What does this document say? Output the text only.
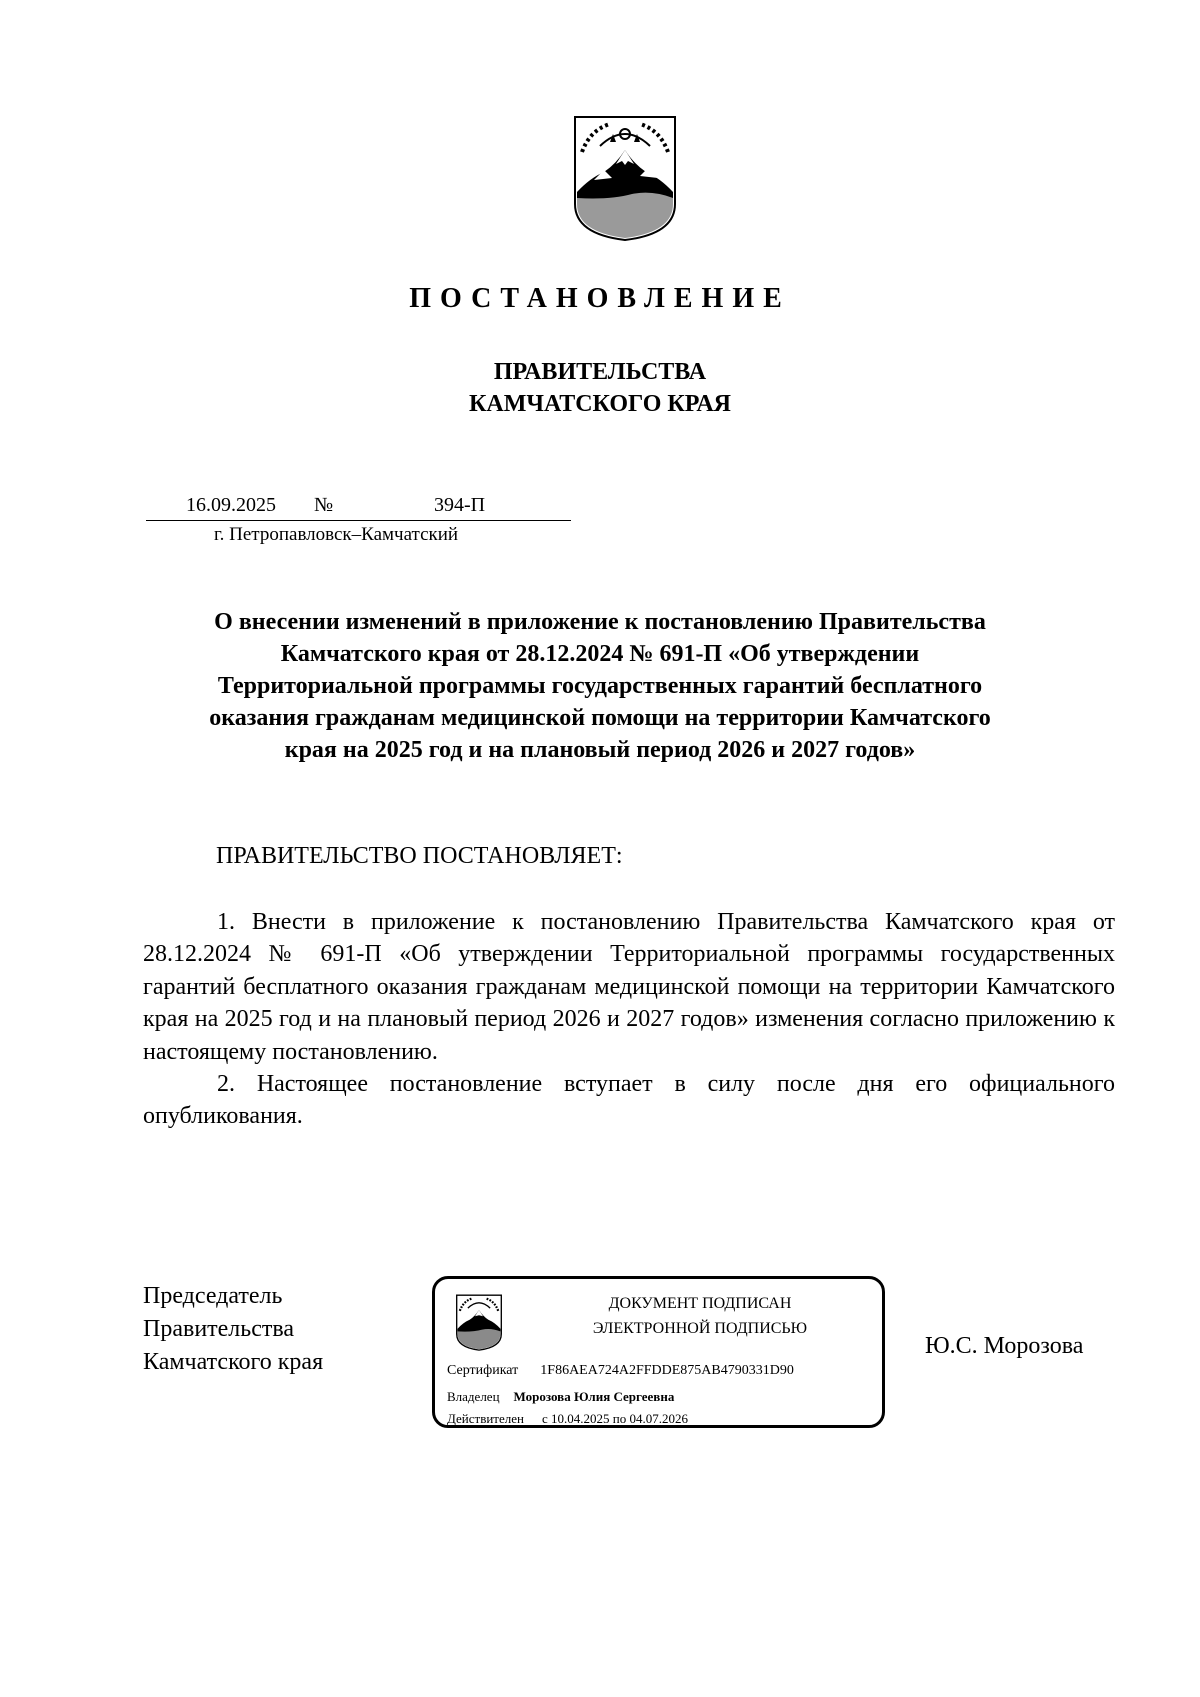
ПОСТАНОВЛЕНИЕ
ПРАВИТЕЛЬСТВА
КАМЧАТСКОГО КРАЯ
16.09.2025 №	394-П
г. Петропавловск–Камчатский
О внесении изменений в приложение к постановлению Правительства
Камчатского края от 28.12.2024 № 691-П «Об утверждении
Территориальной программы государственных гарантий бесплатного
оказания гражданам медицинской помощи на территории Камчатского
края на 2025 год и на плановый период 2026 и 2027 годов»
ПРАВИТЕЛЬСТВО ПОСТАНОВЛЯЕТ:

1. Внести в приложение к постановлению Правительства Камчатского края от 28.12.2024 № 691-П «Об утверждении Территориальной программы государственных гарантий бесплатного оказания гражданам медицинской помощи на территории Камчатского края на 2025 год и на плановый период 2026 и 2027 годов» изменения согласно приложению к настоящему постановлению.

2. Настоящее постановление вступает в силу после дня его официального опубликования.

Председатель
Правительства
Камчатского края
ДОКУМЕНТ ПОДПИСАН
ЭЛЕКТРОННОЙ ПОДПИСЬЮ
Сертификат 1F86AEA724A2FFDDE875AB4790331D90
Владелец Морозова Юлия Сергеевна
Действителен с 10.04.2025 по 04.07.2026
Ю.С. Морозова
